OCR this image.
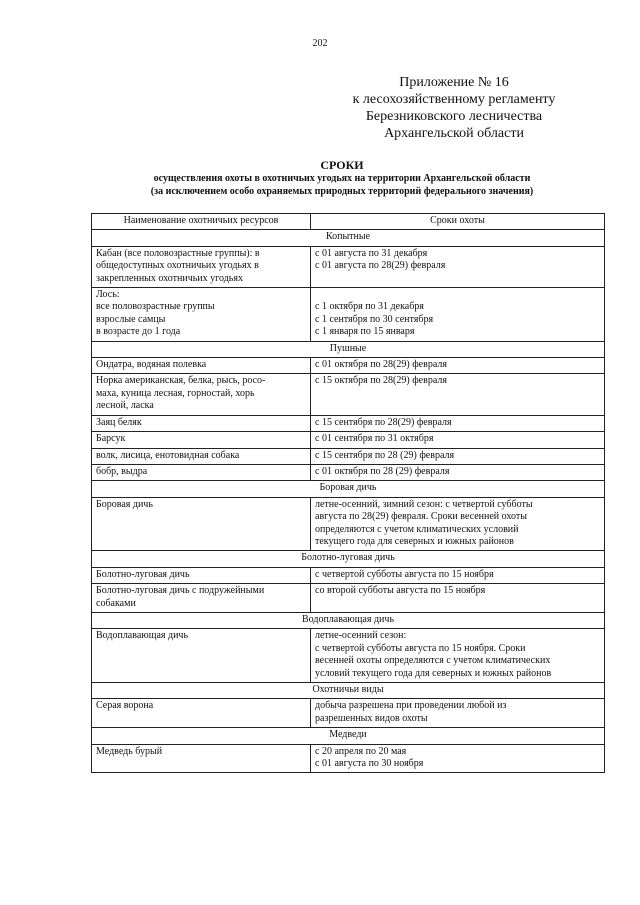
202
Приложение № 16
к лесохозяйственному регламенту
Березниковского лесничества
Архангельской области
СРОКИ
осуществления охоты в охотничьих угодьях на территории Архангельской области
(за исключением особо охраняемых природных территорий федерального значения)
Наименование охотничьих ресурсов	Сроки охоты
Копытные	

Кабан (все половозрастные группы): в
общедоступных охотничьих угодьях в
закрепленных охотничьих угодьях	с 01 августа по 31 декабря
с 01 августа по 28(29) февраля

Лось:
все половозрастные группы
взрослые самцы
в возрасте до 1 года	с 1 октября по 31 декабря
с 1 сентября по 30 сентября
с 1 января по 15 января

Пушные	

Ондатра, водяная полевка	с 01 октября по 28(29) февраля

Норка американская, белка, рысь, росо-
маха, куница лесная, горностай, хорь
лесной, ласка	с 15 октября по 28(29) февраля

Заяц беляк	с 15 сентября по 28(29) февраля

Барсук	с 01 сентября по 31 октября

волк, лисица, енотовидная собака	с 15 сентября по 28 (29) февраля

бобр, выдра	с 01 октября по 28 (29) февраля

Боровая дичь	

Боровая дичь	летне-осенний, зимний сезон: с четвертой субботы
августа по 28(29) февраля. Сроки весенней охоты
определяются с учетом климатических условий
текущего года для северных и южных районов

Болотно-луговая дичь	

Болотно-луговая дичь	с четвертой субботы августа по 15 ноября

Болотно-луговая дичь с подружейными
собаками	со второй субботы августа по 15 ноября

Водоплавающая дичь	

Водоплавающая дичь	летне-осенний сезон:
с четвертой субботы августа по 15 ноября. Сроки
весенней охоты определяются с учетом климатических
условий текущего года для северных и южных районов

Охотничьи виды	

Серая ворона	добыча разрешена при проведении любой из
разрешенных видов охоты

Медведи	

Медведь бурый	с 20 апреля по 20 мая
с 01 августа по 30 ноября
